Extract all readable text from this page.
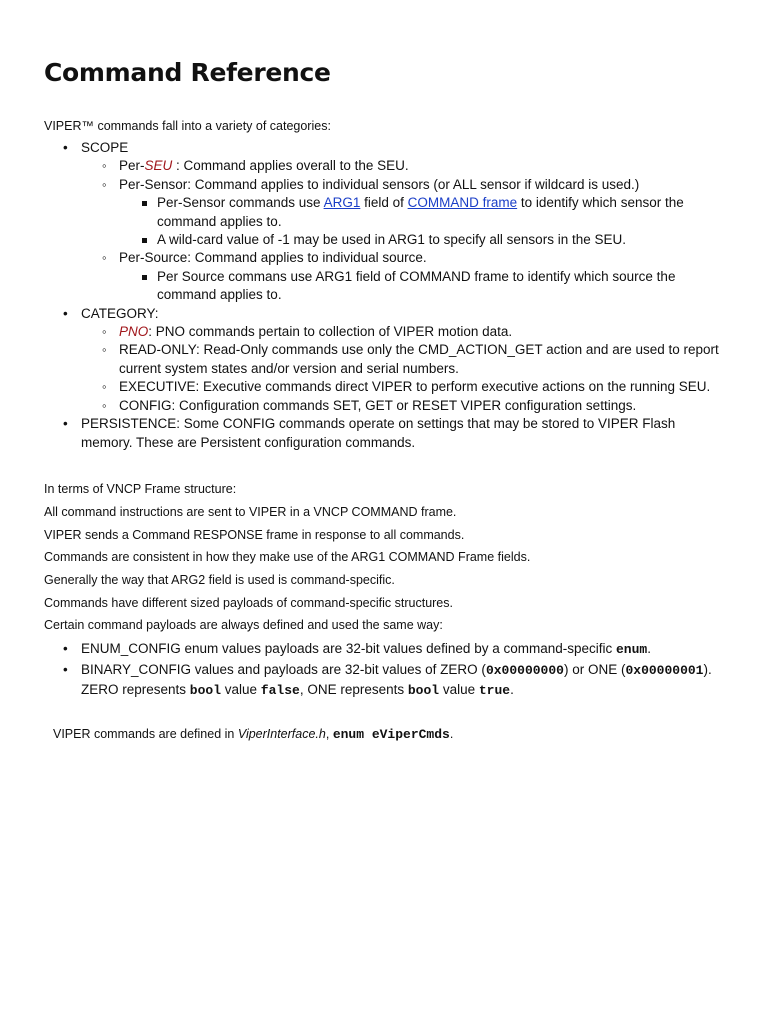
Command Reference

VIPER™ commands fall into a variety of categories:

• SCOPE
◦ Per-SEU : Command applies overall to the SEU.
◦ Per-Sensor: Command applies to individual sensors (or ALL sensor if wildcard is used.)
Per-Sensor commands use ARG1 field of COMMAND frame to identify which sensor the command applies to.
A wild-card value of -1 may be used in ARG1 to specify all sensors in the SEU.
◦ Per-Source: Command applies to individual source.
Per Source commans use ARG1 field of COMMAND frame to identify which source the command applies to.
• CATEGORY:
◦ PNO: PNO commands pertain to collection of VIPER motion data.
◦ READ-ONLY: Read-Only commands use only the CMD_ACTION_GET action and are used to report current system states and/or version and serial numbers.
◦ EXECUTIVE: Executive commands direct VIPER to perform executive actions on the running SEU.
◦ CONFIG: Configuration commands SET, GET or RESET VIPER configuration settings.
• PERSISTENCE: Some CONFIG commands operate on settings that may be stored to VIPER Flash memory. These are Persistent configuration commands.

In terms of VNCP Frame structure:

All command instructions are sent to VIPER in a VNCP COMMAND frame.

VIPER sends a Command RESPONSE frame in response to all commands.

Commands are consistent in how they make use of the ARG1 COMMAND Frame fields.

Generally the way that ARG2 field is used is command-specific.

Commands have different sized payloads of command-specific structures.

Certain command payloads are always defined and used the same way:

• ENUM_CONFIG enum values payloads are 32-bit values defined by a command-specific enum.
• BINARY_CONFIG values and payloads are 32-bit values of ZERO (0x00000000) or ONE (0x00000001). ZERO represents bool value false, ONE represents bool value true.

VIPER commands are defined in ViperInterface.h, enum eViperCmds.
